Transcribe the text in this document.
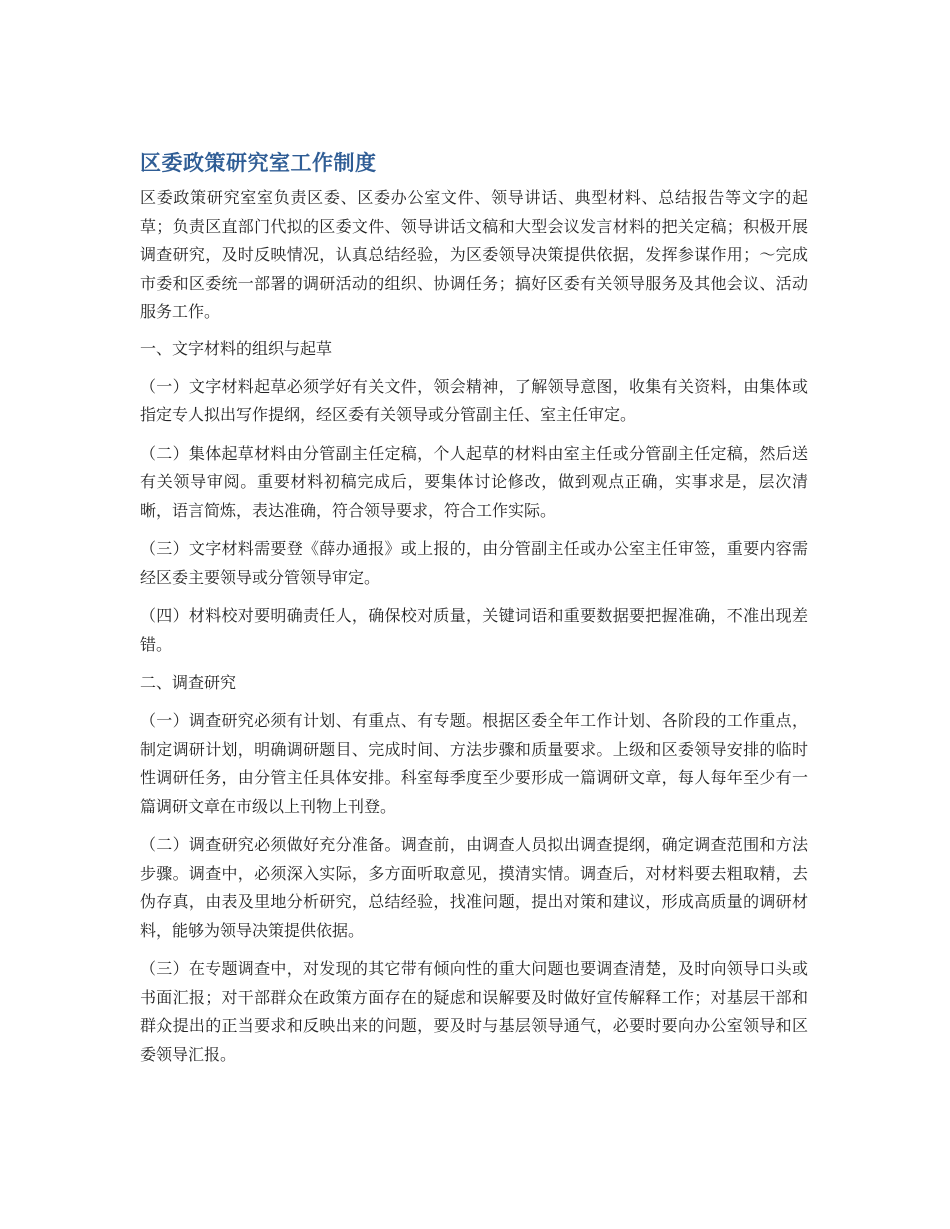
区委政策研究室工作制度

区委政策研究室室负责区委、区委办公室文件、领导讲话、典型材料、总结报告等文字的起草；负责区直部门代拟的区委文件、领导讲话文稿和大型会议发言材料的把关定稿；积极开展调查研究，及时反映情况，认真总结经验，为区委领导决策提供依据，发挥参谋作用；～完成市委和区委统一部署的调研活动的组织、协调任务；搞好区委有关领导服务及其他会议、活动服务工作。

一、文字材料的组织与起草

（一）文字材料起草必须学好有关文件，领会精神，了解领导意图，收集有关资料，由集体或指定专人拟出写作提纲，经区委有关领导或分管副主任、室主任审定。

（二）集体起草材料由分管副主任定稿，个人起草的材料由室主任或分管副主任定稿，然后送有关领导审阅。重要材料初稿完成后，要集体讨论修改，做到观点正确，实事求是，层次清晰，语言简炼，表达准确，符合领导要求，符合工作实际。

（三）文字材料需要登《薛办通报》或上报的，由分管副主任或办公室主任审签，重要内容需经区委主要领导或分管领导审定。

（四）材料校对要明确责任人，确保校对质量，关键词语和重要数据要把握准确，不准出现差错。

二、调查研究

（一）调查研究必须有计划、有重点、有专题。根据区委全年工作计划、各阶段的工作重点，制定调研计划，明确调研题目、完成时间、方法步骤和质量要求。上级和区委领导安排的临时性调研任务，由分管主任具体安排。科室每季度至少要形成一篇调研文章，每人每年至少有一篇调研文章在市级以上刊物上刊登。

（二）调查研究必须做好充分准备。调查前，由调查人员拟出调查提纲，确定调查范围和方法步骤。调查中，必须深入实际，多方面听取意见，摸清实情。调查后，对材料要去粗取精，去伪存真，由表及里地分析研究，总结经验，找准问题，提出对策和建议，形成高质量的调研材料，能够为领导决策提供依据。

（三）在专题调查中，对发现的其它带有倾向性的重大问题也要调查清楚，及时向领导口头或书面汇报；对干部群众在政策方面存在的疑虑和误解要及时做好宣传解释工作；对基层干部和群众提出的正当要求和反映出来的问题，要及时与基层领导通气，必要时要向办公室领导和区委领导汇报。
